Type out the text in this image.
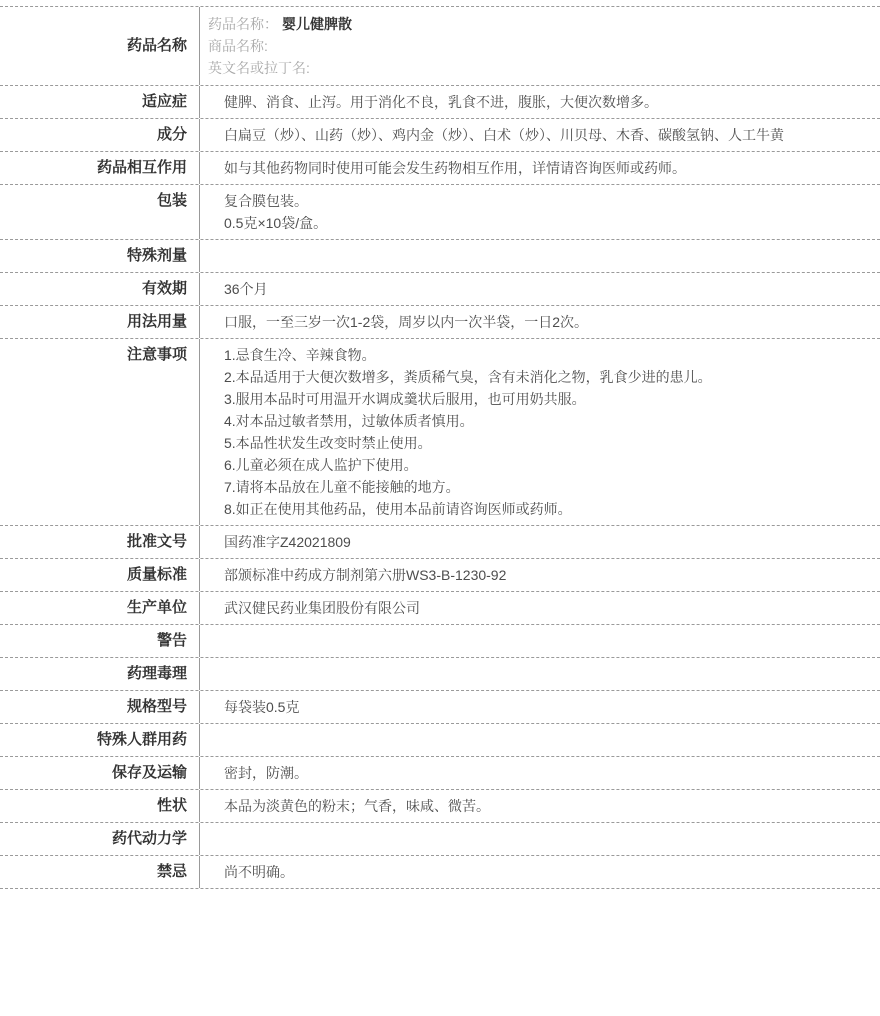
药品名称
药品名称： 婴儿健脾散
商品名称:
英文名或拉丁名:
适应症	健脾、消食、止泻。用于消化不良，乳食不进，腹胀，大便次数增多。
成分	白扁豆（炒）、山药（炒）、鸡内金（炒）、白术（炒）、川贝母、木香、碳酸氢钠、人工牛黄
药品相互作用	如与其他药物同时使用可能会发生药物相互作用，详情请咨询医师或药师。
包装	复合膜包装。
0.5克×10袋/盒。
特殊剂量
有效期	36个月
用法用量	口服，一至三岁一次1-2袋，周岁以内一次半袋，一日2次。
注意事项	1.忌食生冷、辛辣食物。
2.本品适用于大便次数增多，粪质稀气臭，含有未消化之物，乳食少进的患儿。
3.服用本品时可用温开水调成羹状后服用，也可用奶共服。
4.对本品过敏者禁用，过敏体质者慎用。
5.本品性状发生改变时禁止使用。
6.儿童必须在成人监护下使用。
7.请将本品放在儿童不能接触的地方。
8.如正在使用其他药品，使用本品前请咨询医师或药师。
批准文号	国药准字Z42021809
质量标准	部颁标准中药成方制剂第六册WS3-B-1230-92
生产单位	武汉健民药业集团股份有限公司
警告
药理毒理
规格型号	每袋装0.5克
特殊人群用药
保存及运输	密封，防潮。
性状	本品为淡黄色的粉末；气香，味咸、微苦。
药代动力学
禁忌	尚不明确。
